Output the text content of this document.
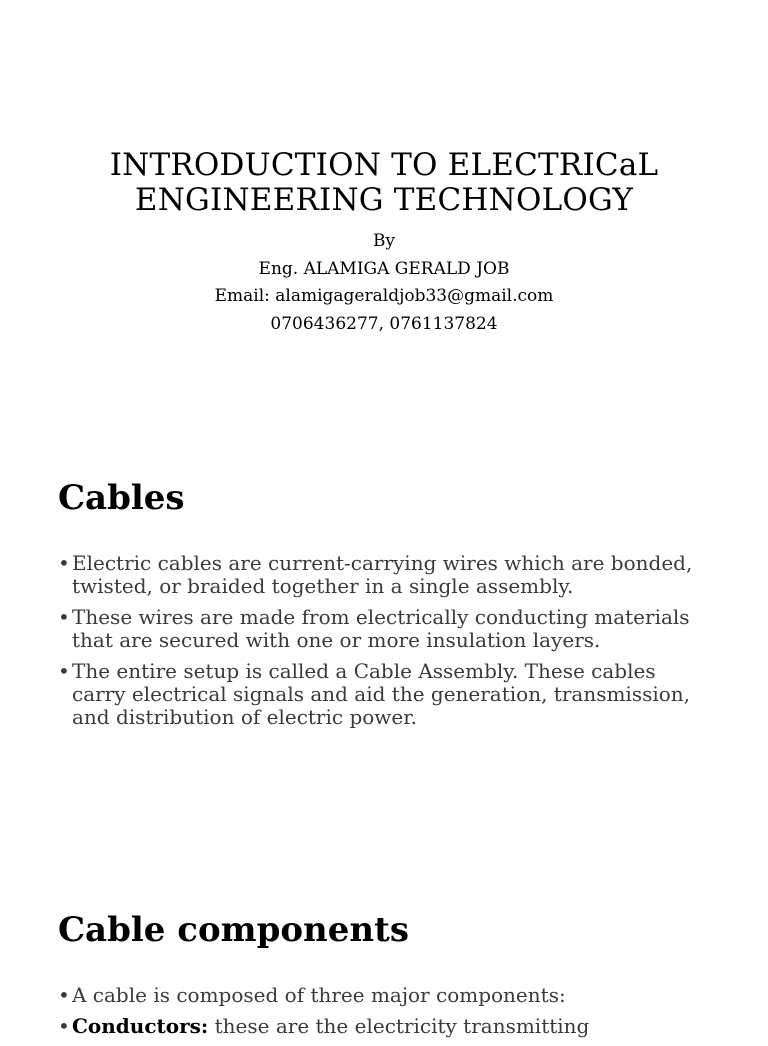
INTRODUCTION TO ELECTRICaL
ENGINEERING TECHNOLOGY
By
Eng. ALAMIGA GERALD JOB
Email: alamigageraldjob33@gmail.com
0706436277, 0761137824
Cables
• Electric cables are current-carrying wires which are bonded, twisted, or braided together in a single assembly.
• These wires are made from electrically conducting materials that are secured with one or more insulation layers.
• The entire setup is called a Cable Assembly. These cables carry electrical signals and aid the generation, transmission, and distribution of electric power.
Cable components
• A cable is composed of three major components:
• Conductors: these are the electricity transmitting
